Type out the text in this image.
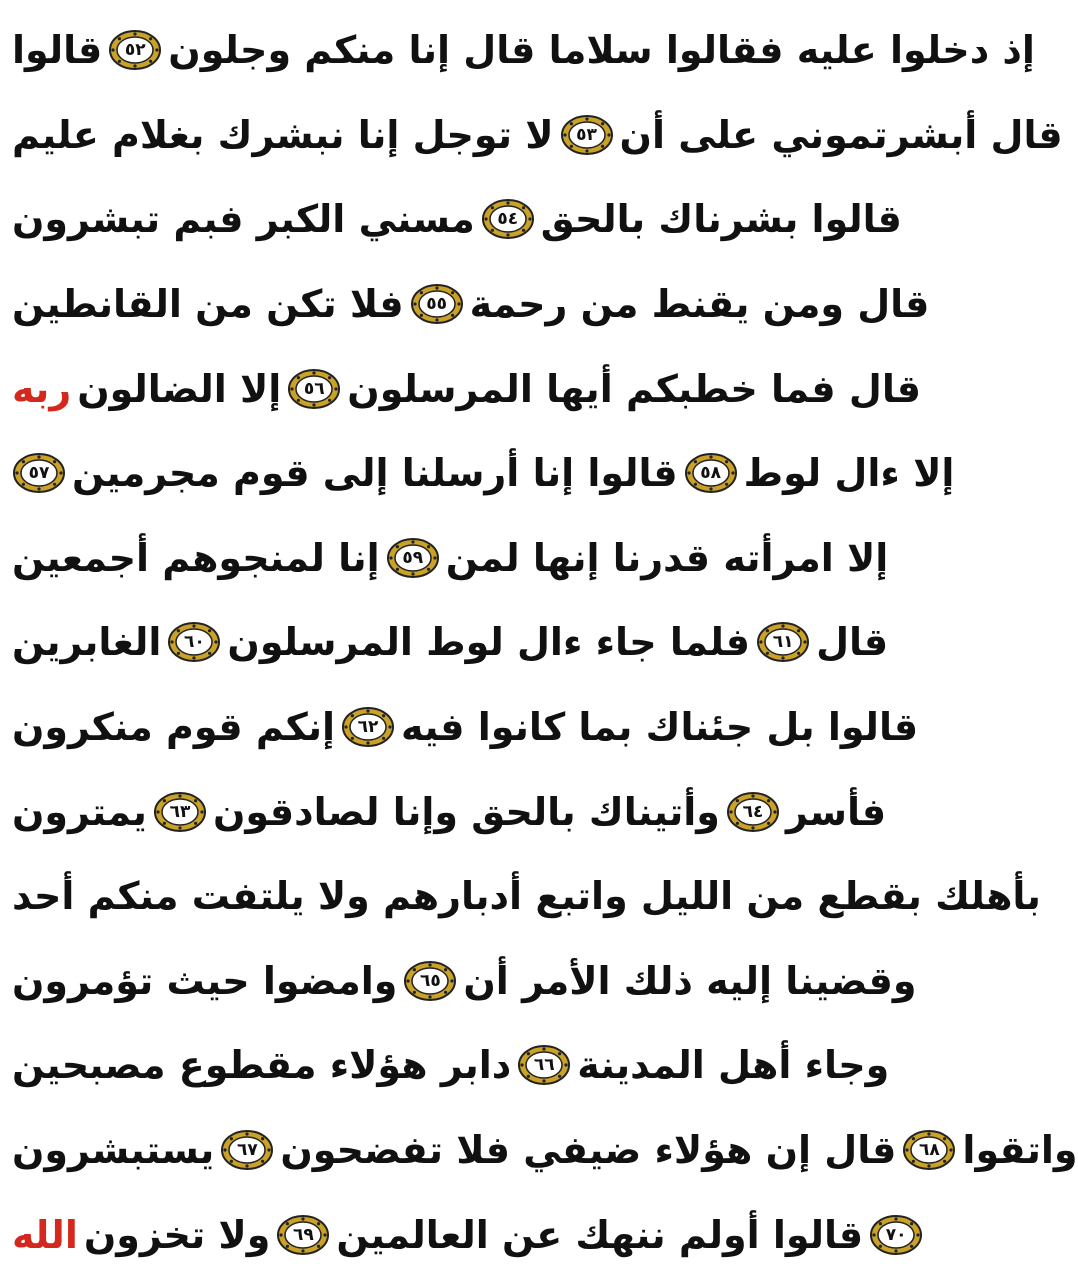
قالوا ٥٢ إذ دخلوا عليه فقالوا سلاما قال إنا منكم وجلون
لا توجل إنا نبشرك بغلام عليم ٥٣ قال أبشرتموني على أن
مسني الكبر فبم تبشرون ٥٤ قالوا بشرناك بالحق
فلا تكن من القانطين ٥٥ قال ومن يقنط من رحمة
ربه إلا الضالون ٥٦ قال فما خطبكم أيها المرسلون
٥٧ قالوا إنا أرسلنا إلى قوم مجرمين ٥٨ إلا ءال لوط
إنا لمنجوهم أجمعين ٥٩ إلا امرأته قدرنا إنها لمن
الغابرين ٦٠ فلما جاء ءال لوط المرسلون ٦١ قال
إنكم قوم منكرون ٦٢ قالوا بل جئناك بما كانوا فيه
يمترون ٦٣ وأتيناك بالحق وإنا لصادقون ٦٤ فأسر
بأهلك بقطع من الليل واتبع أدبارهم ولا يلتفت منكم أحد
وامضوا حيث تؤمرون ٦٥ وقضينا إليه ذلك الأمر أن
دابر هؤلاء مقطوع مصبحين ٦٦ وجاء أهل المدينة
يستبشرون ٦٧ قال إن هؤلاء ضيفي فلا تفضحون ٦٨ واتقوا
الله ولا تخزون ٦٩ قالوا أولم ننهك عن العالمين ٧٠
